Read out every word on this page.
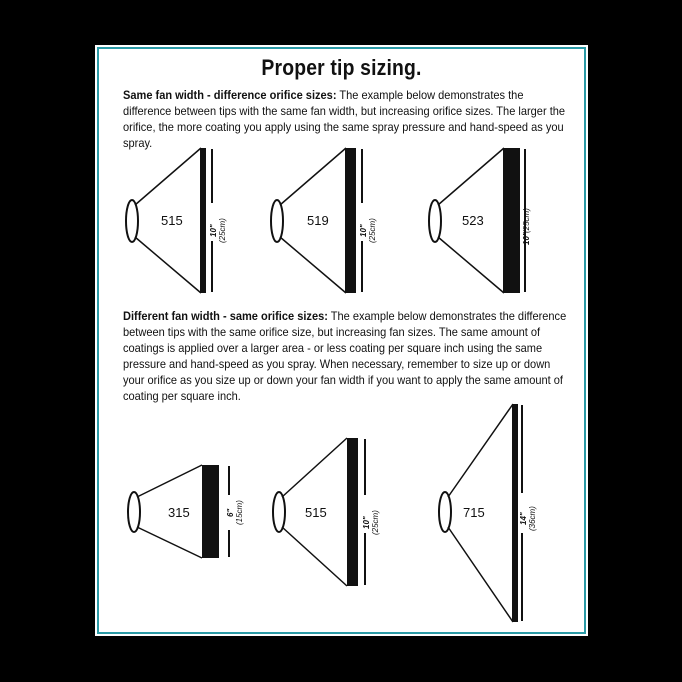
Proper tip sizing.
Same fan width - difference orifice sizes: The example below demonstrates the difference between tips with the same fan width, but increasing orifice sizes. The larger the orifice, the more coating you apply using the same spray pressure and hand-speed as you spray.
Different fan width - same orifice sizes: The example below demonstrates the difference between tips with the same orifice size, but increasing fan sizes. The same amount of coatings is applied over a larger area - or less coating per square inch using the same pressure and hand-speed as you spray. When necessary, remember to size up or down your orifice as you size up or down your fan width if you want to apply the same amount of coating per square inch.
515
10" (25cm)	519
10" (25cm)	523
10"
(25cm)
315	6" (15cm)	515
10" (25cm)	715	14" (36cm)
